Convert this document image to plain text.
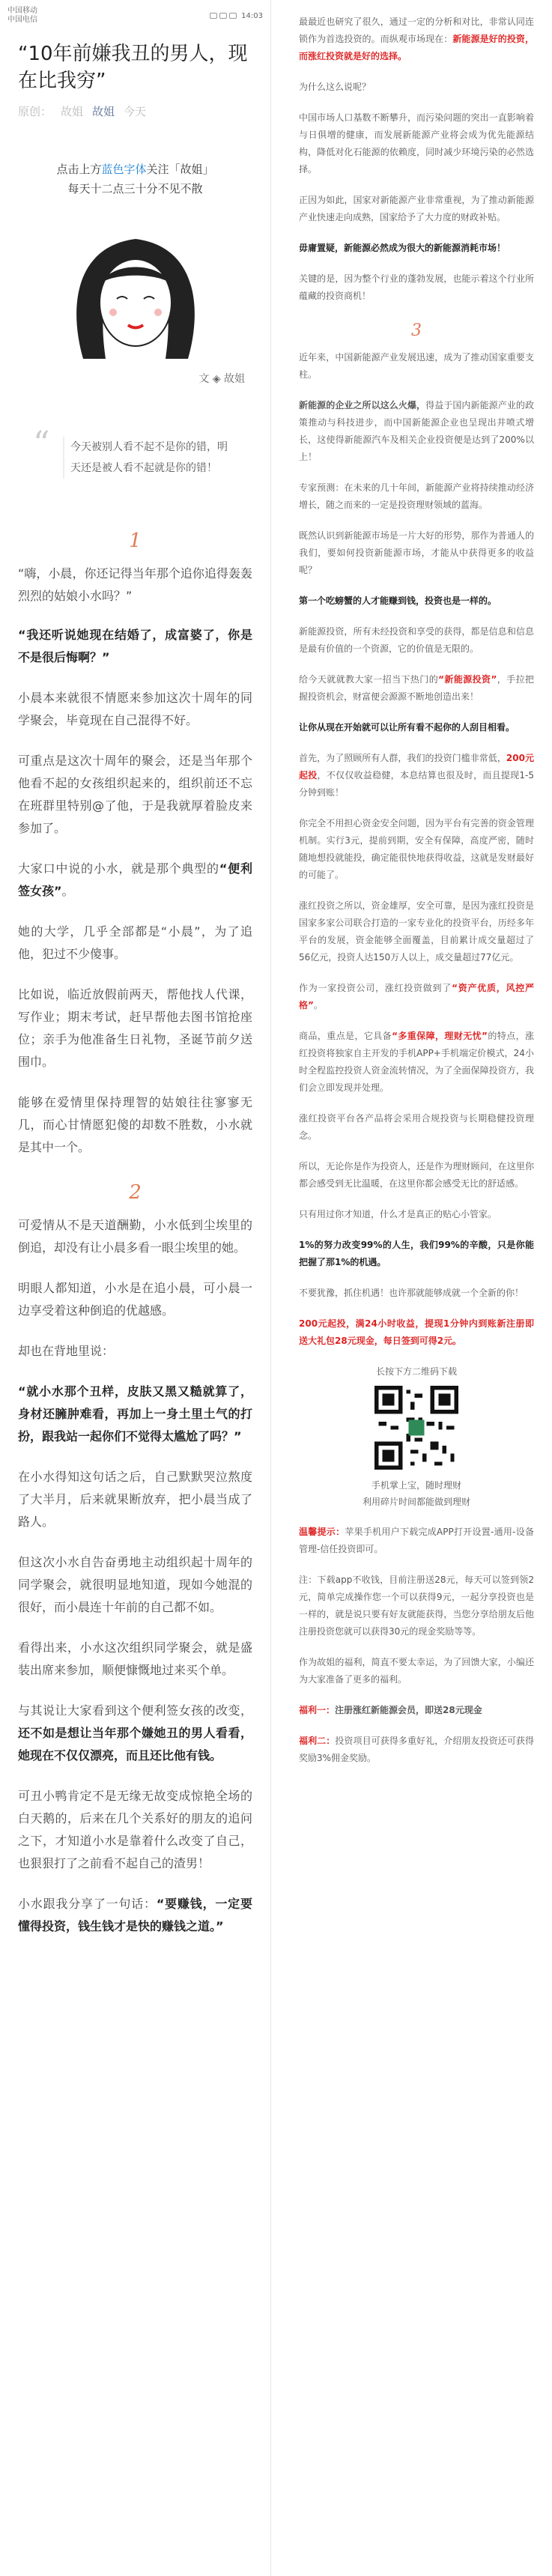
中国移动
中国电信	14:03
“10年前嫌我丑的男人，现在比我穷”
原创： 故姐 故姐 今天
点击上方蓝色字体关注「故姐」
每天十二点三十分不见不散
文 ◈ 故姐
“ 今天被别人看不起不是你的错，明天还是被人看不起就是你的错！
1
“嗨，小晨，你还记得当年那个追你追得轰轰烈烈的姑娘小水吗？”
“我还听说她现在结婚了，成富婆了，你是不是很后悔啊？”
小晨本来就很不情愿来参加这次十周年的同学聚会，毕竟现在自己混得不好。
可重点是这次十周年的聚会，还是当年那个他看不起的女孩组织起来的，组织前还不忘在班群里特别@了他，于是我就厚着脸皮来参加了。
大家口中说的小水，就是那个典型的“便利签女孩”。
她的大学，几乎全部都是“小晨”，为了追他，犯过不少傻事。
比如说，临近放假前两天，帮他找人代课，写作业；期末考试，赶早帮他去图书馆抢座位；亲手为他准备生日礼物，圣诞节前夕送围巾。
能够在爱情里保持理智的姑娘往往寥寥无几，而心甘情愿犯傻的却数不胜数，小水就是其中一个。
2
可爱情从不是天道酬勤，小水低到尘埃里的倒追，却没有让小晨多看一眼尘埃里的她。
明眼人都知道，小水是在追小晨，可小晨一边享受着这种倒追的优越感。
却也在背地里说：
“就小水那个丑样，皮肤又黑又糙就算了，身材还臃肿难看，再加上一身土里土气的打扮，跟我站一起你们不觉得太尴尬了吗？”
在小水得知这句话之后，自己默默哭泣熬度了大半月，后来就果断放弃，把小晨当成了路人。
但这次小水自告奋勇地主动组织起十周年的同学聚会，就很明显地知道，现如今她混的很好，而小晨连十年前的自己都不如。
看得出来，小水这次组织同学聚会，就是盛装出席来参加，顺便慷慨地过来买个单。
与其说让大家看到这个便利签女孩的改变，还不如是想让当年那个嫌她丑的男人看看，她现在不仅仅漂亮，而且还比他有钱。
可丑小鸭肯定不是无缘无故变成惊艳全场的白天鹅的，后来在几个关系好的朋友的追问之下，才知道小水是靠着什么改变了自己，也狠狠打了之前看不起自己的渣男！
小水跟我分享了一句话：“要赚钱，一定要懂得投资，钱生钱才是快的赚钱之道。”
最最近也研究了很久，通过一定的分析和对比，非常认同连锁作为首选投资的。而纵观市场现在：新能源是好的投资，而涨红投资就是好的选择。
为什么这么说呢？
中国市场人口基数不断攀升，而污染问题的突出一直影响着与日俱增的健康，而发展新能源产业将会成为优先能源结构，降低对化石能源的依赖度，同时减少环境污染的必然选择。
正因为如此，国家对新能源产业非常重视，为了推动新能源产业快速走向成熟，国家给予了大力度的财政补贴。
毋庸置疑，新能源必然成为很大的新能源消耗市场！
关键的是，因为整个行业的蓬勃发展，也能示着这个行业所蕴藏的投资商机！
3
近年来，中国新能源产业发展迅速，成为了推动国家重要支柱。
新能源的企业之所以这么火爆，得益于国内新能源产业的政策推动与科技进步，而中国新能源企业也呈现出井喷式增长，这使得新能源汽车及相关企业投资便是达到了200%以上！
专家预测：在未来的几十年间，新能源产业将持续推动经济增长，随之而来的一定是投资理财领域的蓝海。
既然认识到新能源市场是一片大好的形势，那作为普通人的我们，要如何投资新能源市场，才能从中获得更多的收益呢？
第一个吃螃蟹的人才能赚到钱，投资也是一样的。
新能源投资，所有未经投资和享受的获得，都是信息和信息是最有价值的一个资源，它的价值是无限的。
给今天就就教大家一招当下热门的“新能源投资”，手拉把握投资机会，财富便会源源不断地创造出来！
让你从现在开始就可以让所有看不起你的人刮目相看。
首先，为了照顾所有人群，我们的投资门槛非常低，200元起投，不仅仅收益稳健，本息结算也很及时，而且提现1-5分钟到账！
你完全不用担心资金安全问题，因为平台有完善的资金管理机制。实行3元，提前到期，安全有保障，高度严密，随时随地想投就能投，确定能很快地获得收益，这就是发财最好的可能了。
涨红投资之所以，资金雄厚，安全可靠，是因为涨红投资是国家多家公司联合打造的一家专业化的投资平台，历经多年平台的发展，资金能够全面覆盖，目前累计成交量超过了56亿元，投资人达150万人以上，成交量超过77亿元。
作为一家投资公司，涨红投资做到了“资产优质，风控严格”。
商品，重点是，它具备“多重保障，理财无忧”的特点，涨红投资将独家自主开发的手机APP+手机端定价模式，24小时全程监控投资人资金流转情况，为了全面保障投资方，我们会立即发现并处理。
涨红投资平台各产品将会采用合规投资与长期稳健投资理念。
所以，无论你是作为投资人，还是作为理财顾问，在这里你都会感受到无比温暖，在这里你都会感受无比的舒适感。
只有用过你才知道，什么才是真正的贴心小管家。
1%的努力改变99%的人生，我们99%的辛酸，只是你能把握了那1%的机遇。
不要犹豫，抓住机遇！也许那就能够成就一个全新的你！
200元起投，满24小时收益，提现1分钟内到账新注册即送大礼包28元现金，每日签到可得2元。
长按下方二维码下载
手机掌上宝，随时理财
利用碎片时间都能做到理财
温馨提示：苹果手机用户下载完成APP打开设置-通用-设备管理-信任投资即可。
注：下载app不收钱，目前注册送28元，每天可以签到领2元，简单完成操作您一个可以获得9元，一起分享投资也是一样的，就是说只要有好友就能获得，当您分享给朋友后他注册投资您就可以获得30元的现金奖励等等。
作为故姐的福利，简直不要太幸运，为了回馈大家，小编还为大家准备了更多的福利。
福利一：注册涨红新能源会员，即送28元现金
福利二：投资项目可获得多重好礼，介绍朋友投资还可获得奖励3%佣金奖励。
